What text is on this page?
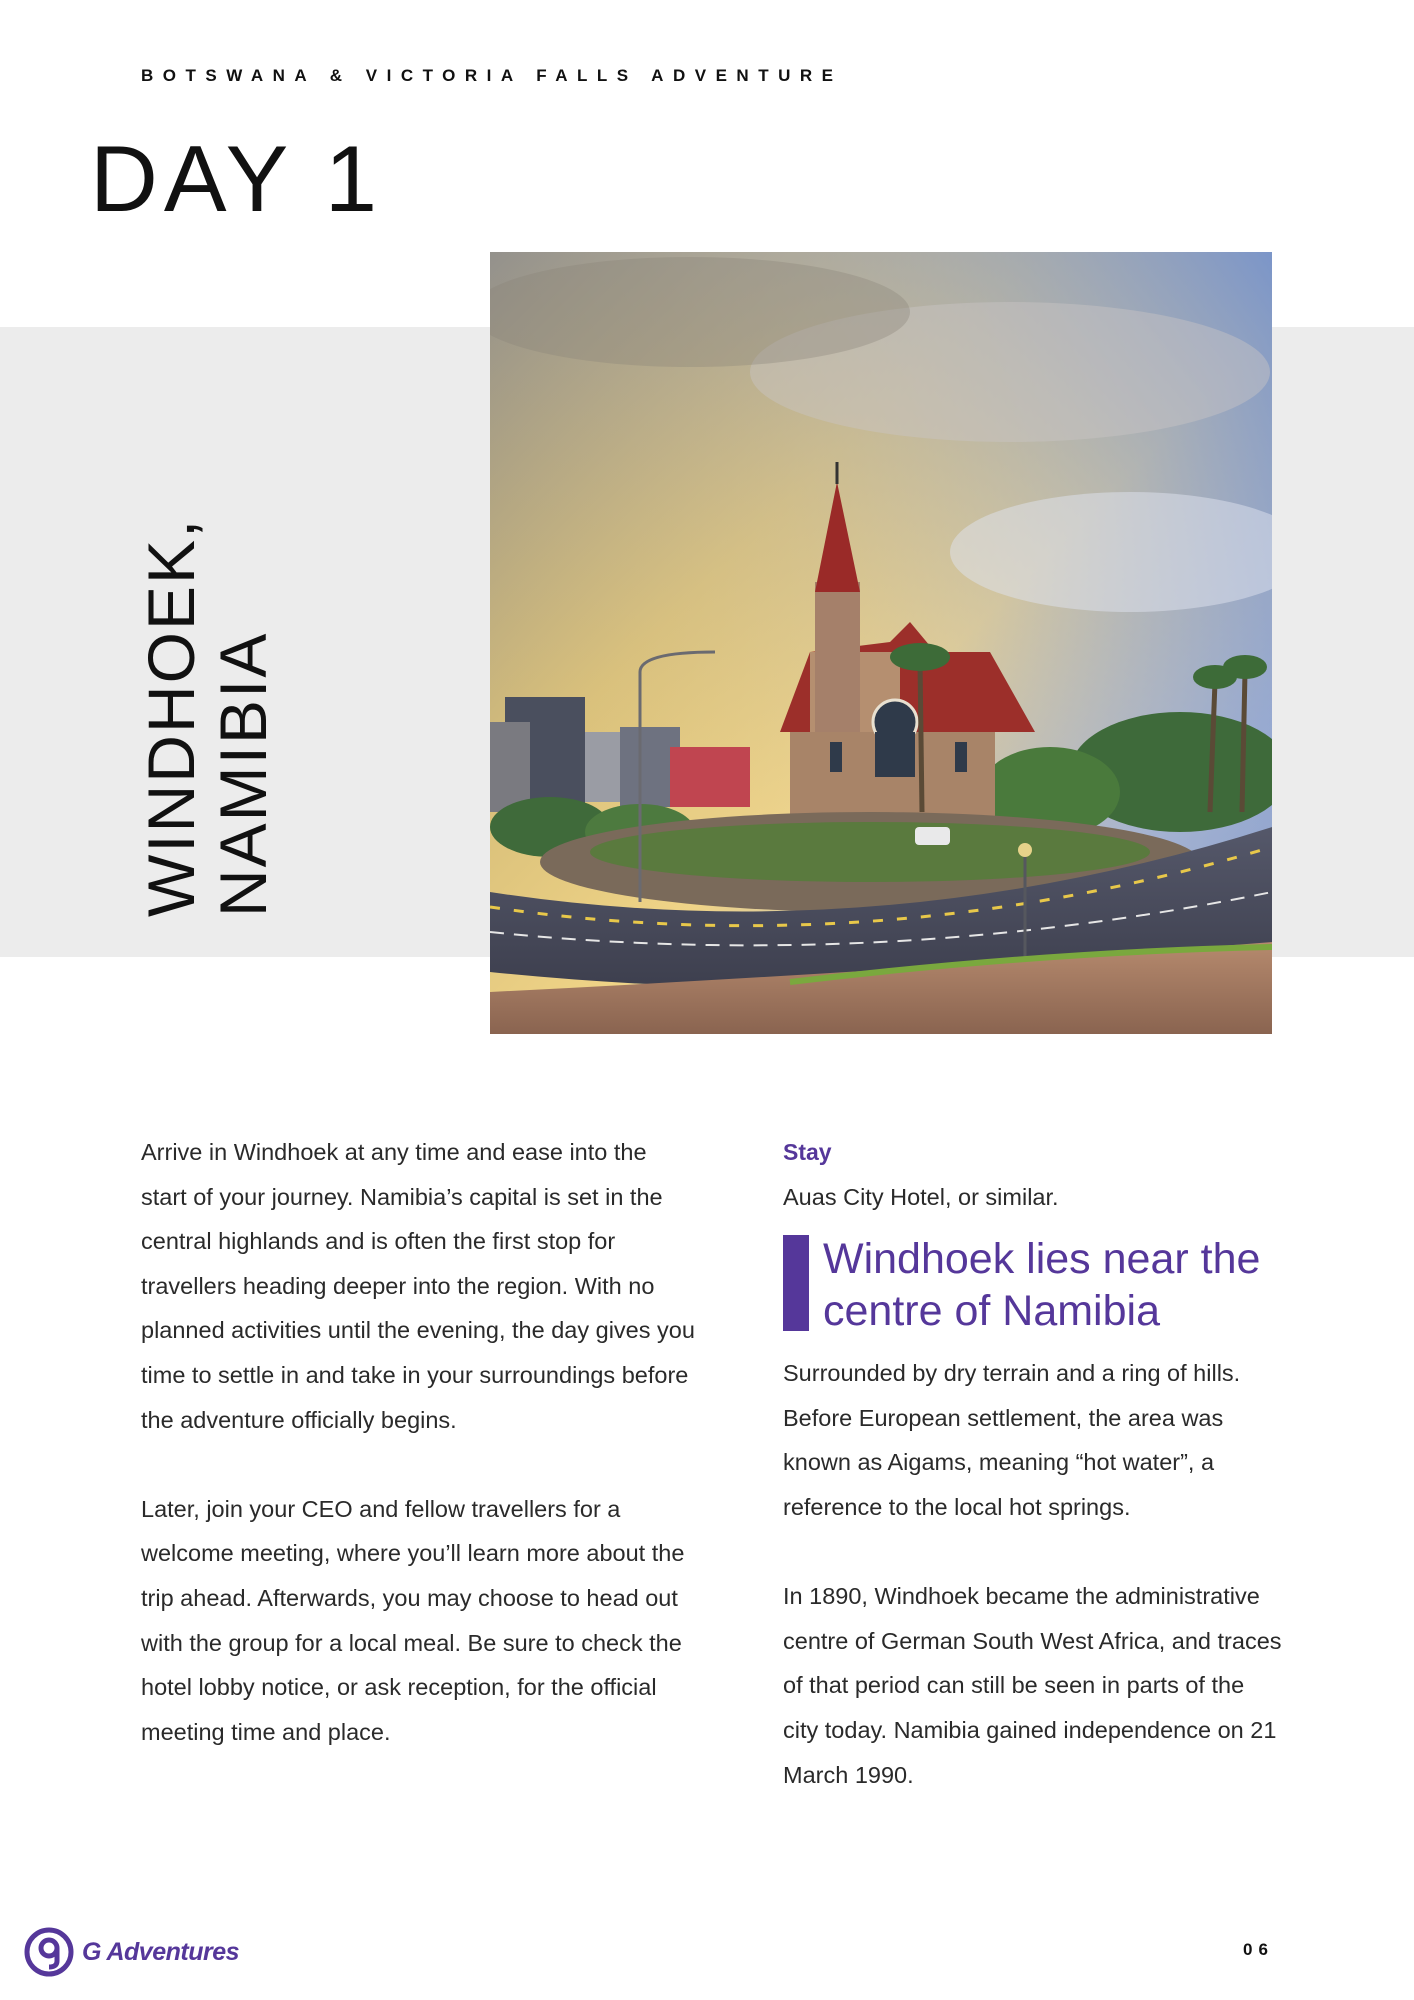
BOTSWANA & VICTORIA FALLS ADVENTURE
DAY 1
WINDHOEK,
NAMIBIA

Arrive in Windhoek at any time and ease into the start of your journey. Namibia’s capital is set in the central highlands and is often the first stop for travellers heading deeper into the region. With no planned activities until the evening, the day gives you time to settle in and take in your surroundings before the adventure officially begins.

Later, join your CEO and fellow travellers for a welcome meeting, where you’ll learn more about the trip ahead. Afterwards, you may choose to head out with the group for a local meal. Be sure to check the hotel lobby notice, or ask reception, for the official meeting time and place.

Stay
Auas City Hotel, or similar.
Windhoek lies near the centre of Namibia

Surrounded by dry terrain and a ring of hills. Before European settlement, the area was known as Aigams, meaning “hot water”, a reference to the local hot springs.

In 1890, Windhoek became the administrative centre of German South West Africa, and traces of that period can still be seen in parts of the city today. Namibia gained independence on 21 March 1990.

G Adventures	06
